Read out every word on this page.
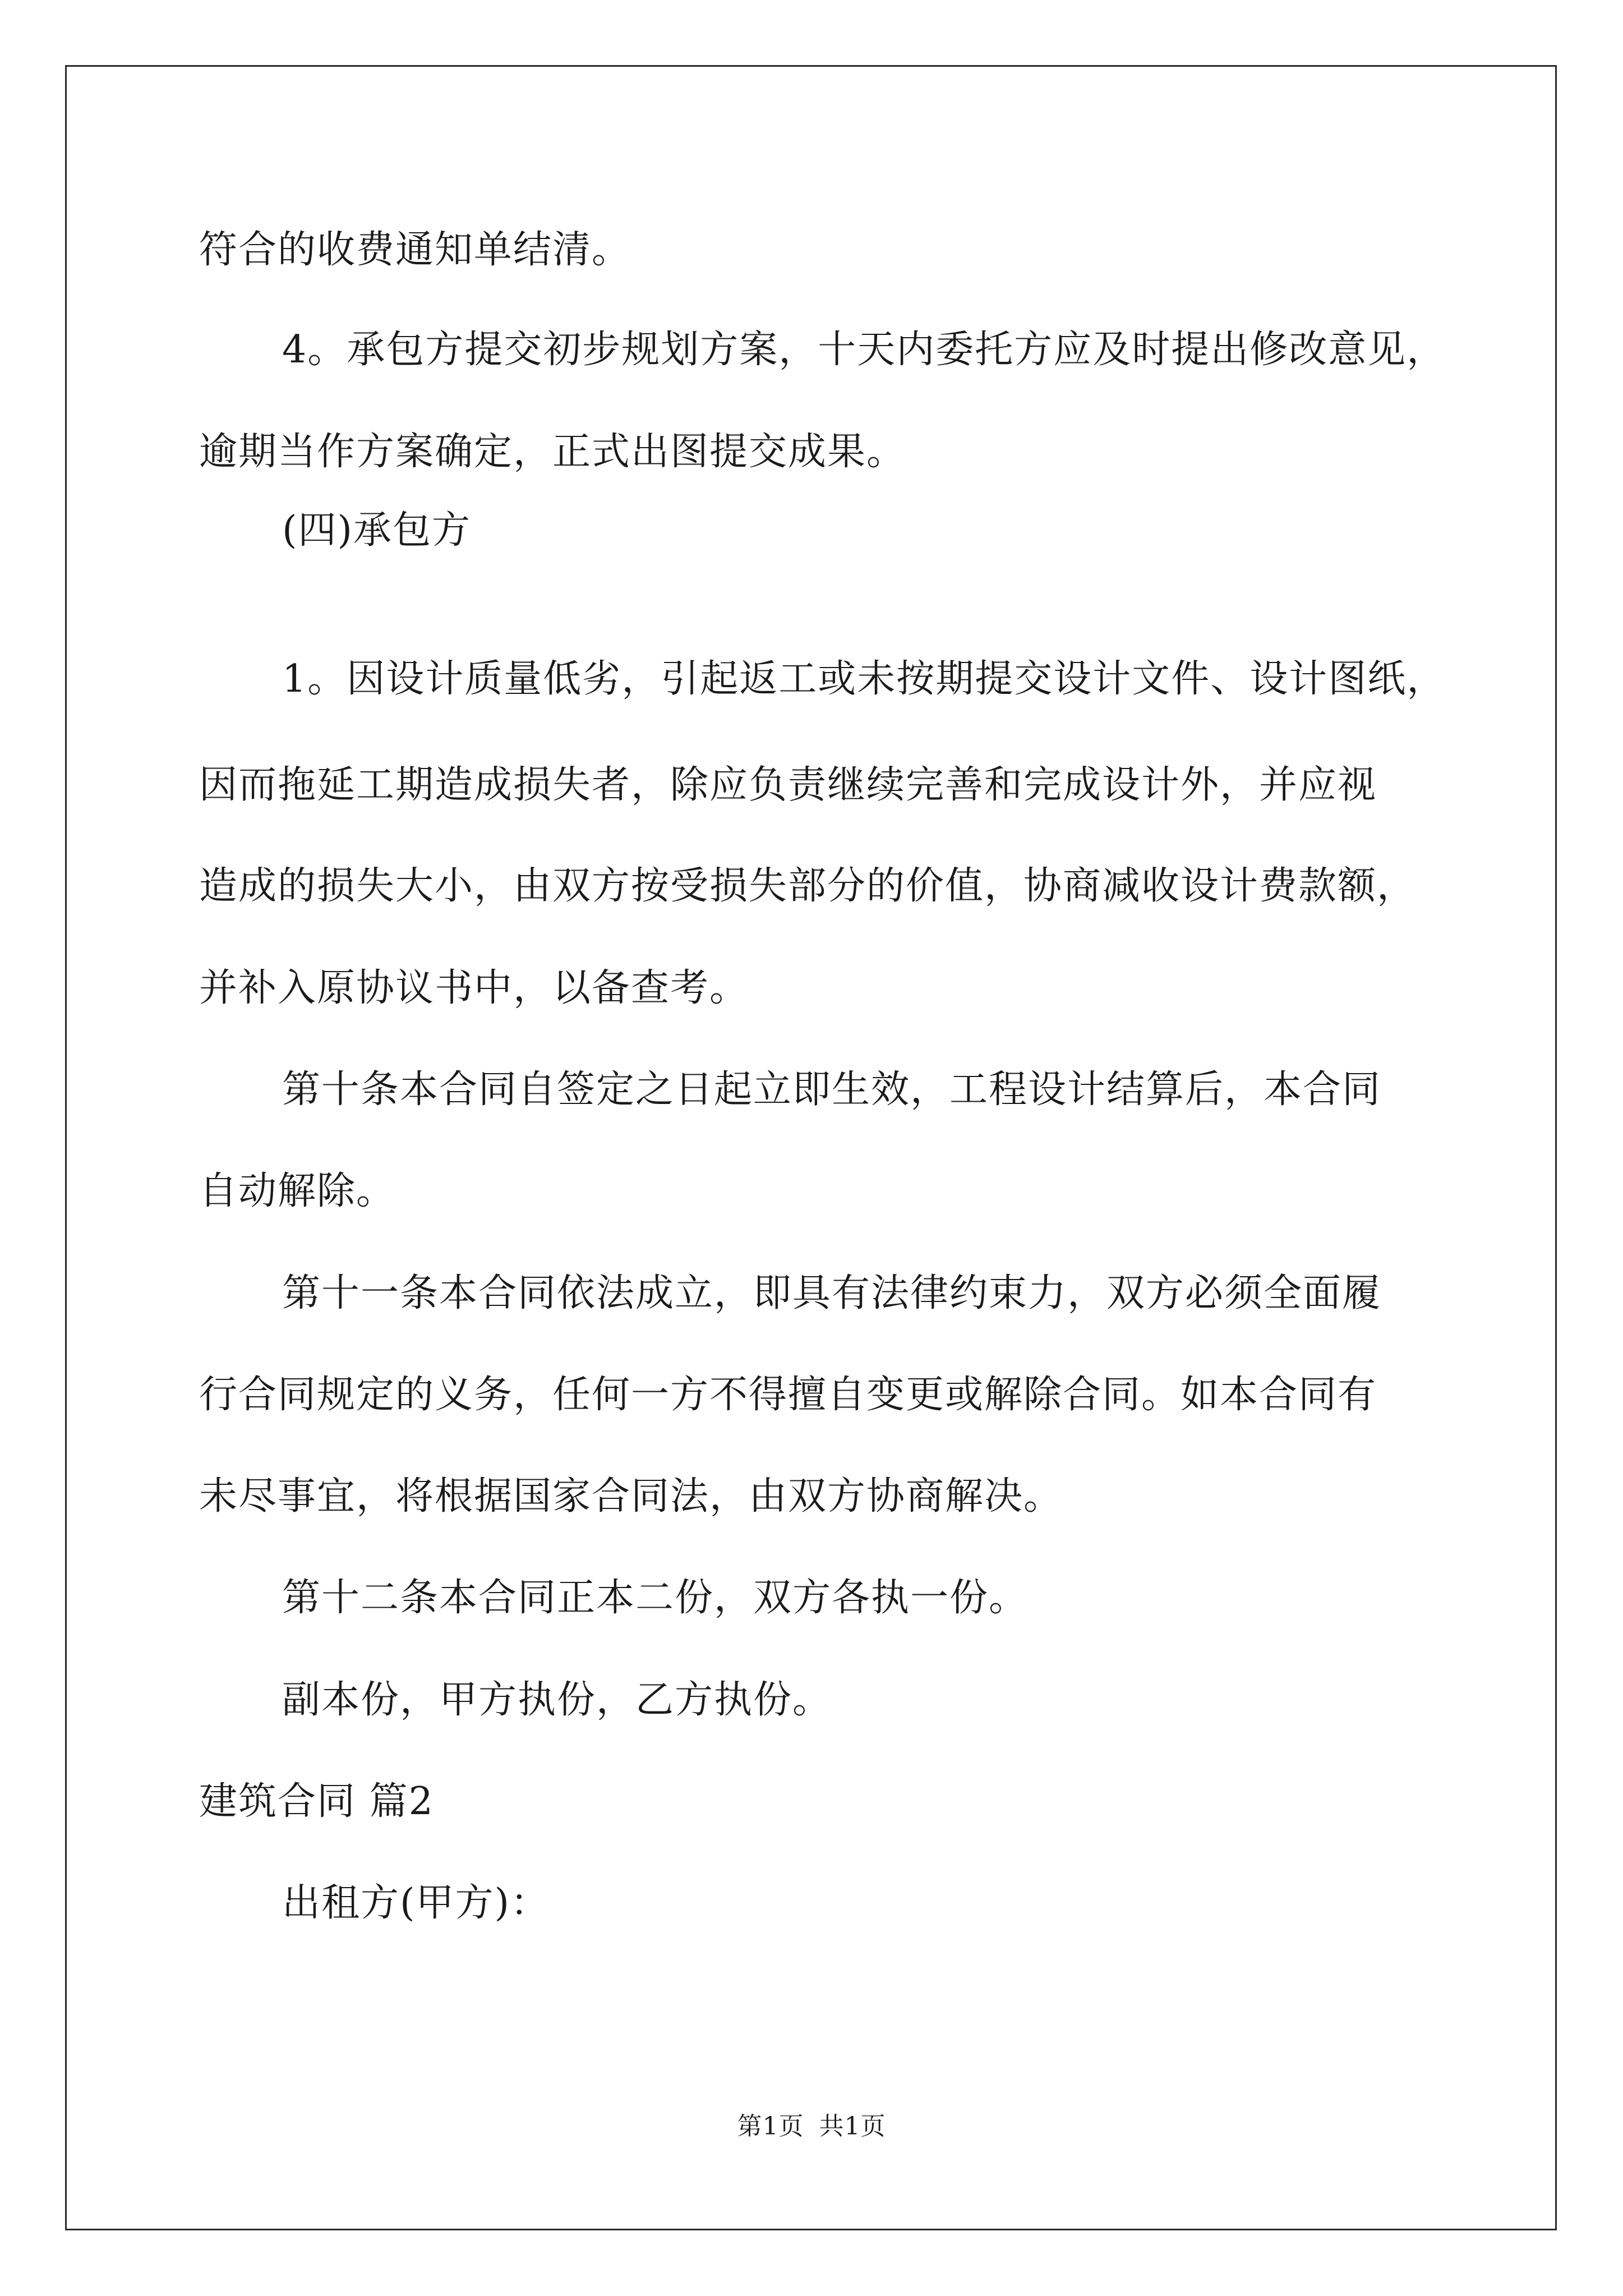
符合的收费通知单结清。
4。承包方提交初步规划方案，十天内委托方应及时提出修改意见，
逾期当作方案确定，正式出图提交成果。
(四)承包方
1。因设计质量低劣，引起返工或未按期提交设计文件、设计图纸，
因而拖延工期造成损失者，除应负责继续完善和完成设计外，并应视
造成的损失大小，由双方按受损失部分的价值，协商减收设计费款额，
并补入原协议书中，以备查考。
第十条本合同自签定之日起立即生效，工程设计结算后，本合同
自动解除。
第十一条本合同依法成立，即具有法律约束力，双方必须全面履
行合同规定的义务，任何一方不得擅自变更或解除合同。如本合同有
未尽事宜，将根据国家合同法，由双方协商解决。
第十二条本合同正本二份，双方各执一份。
副本份，甲方执份，乙方执份。
建筑合同 篇2
出租方(甲方)：
第1页 共1页
